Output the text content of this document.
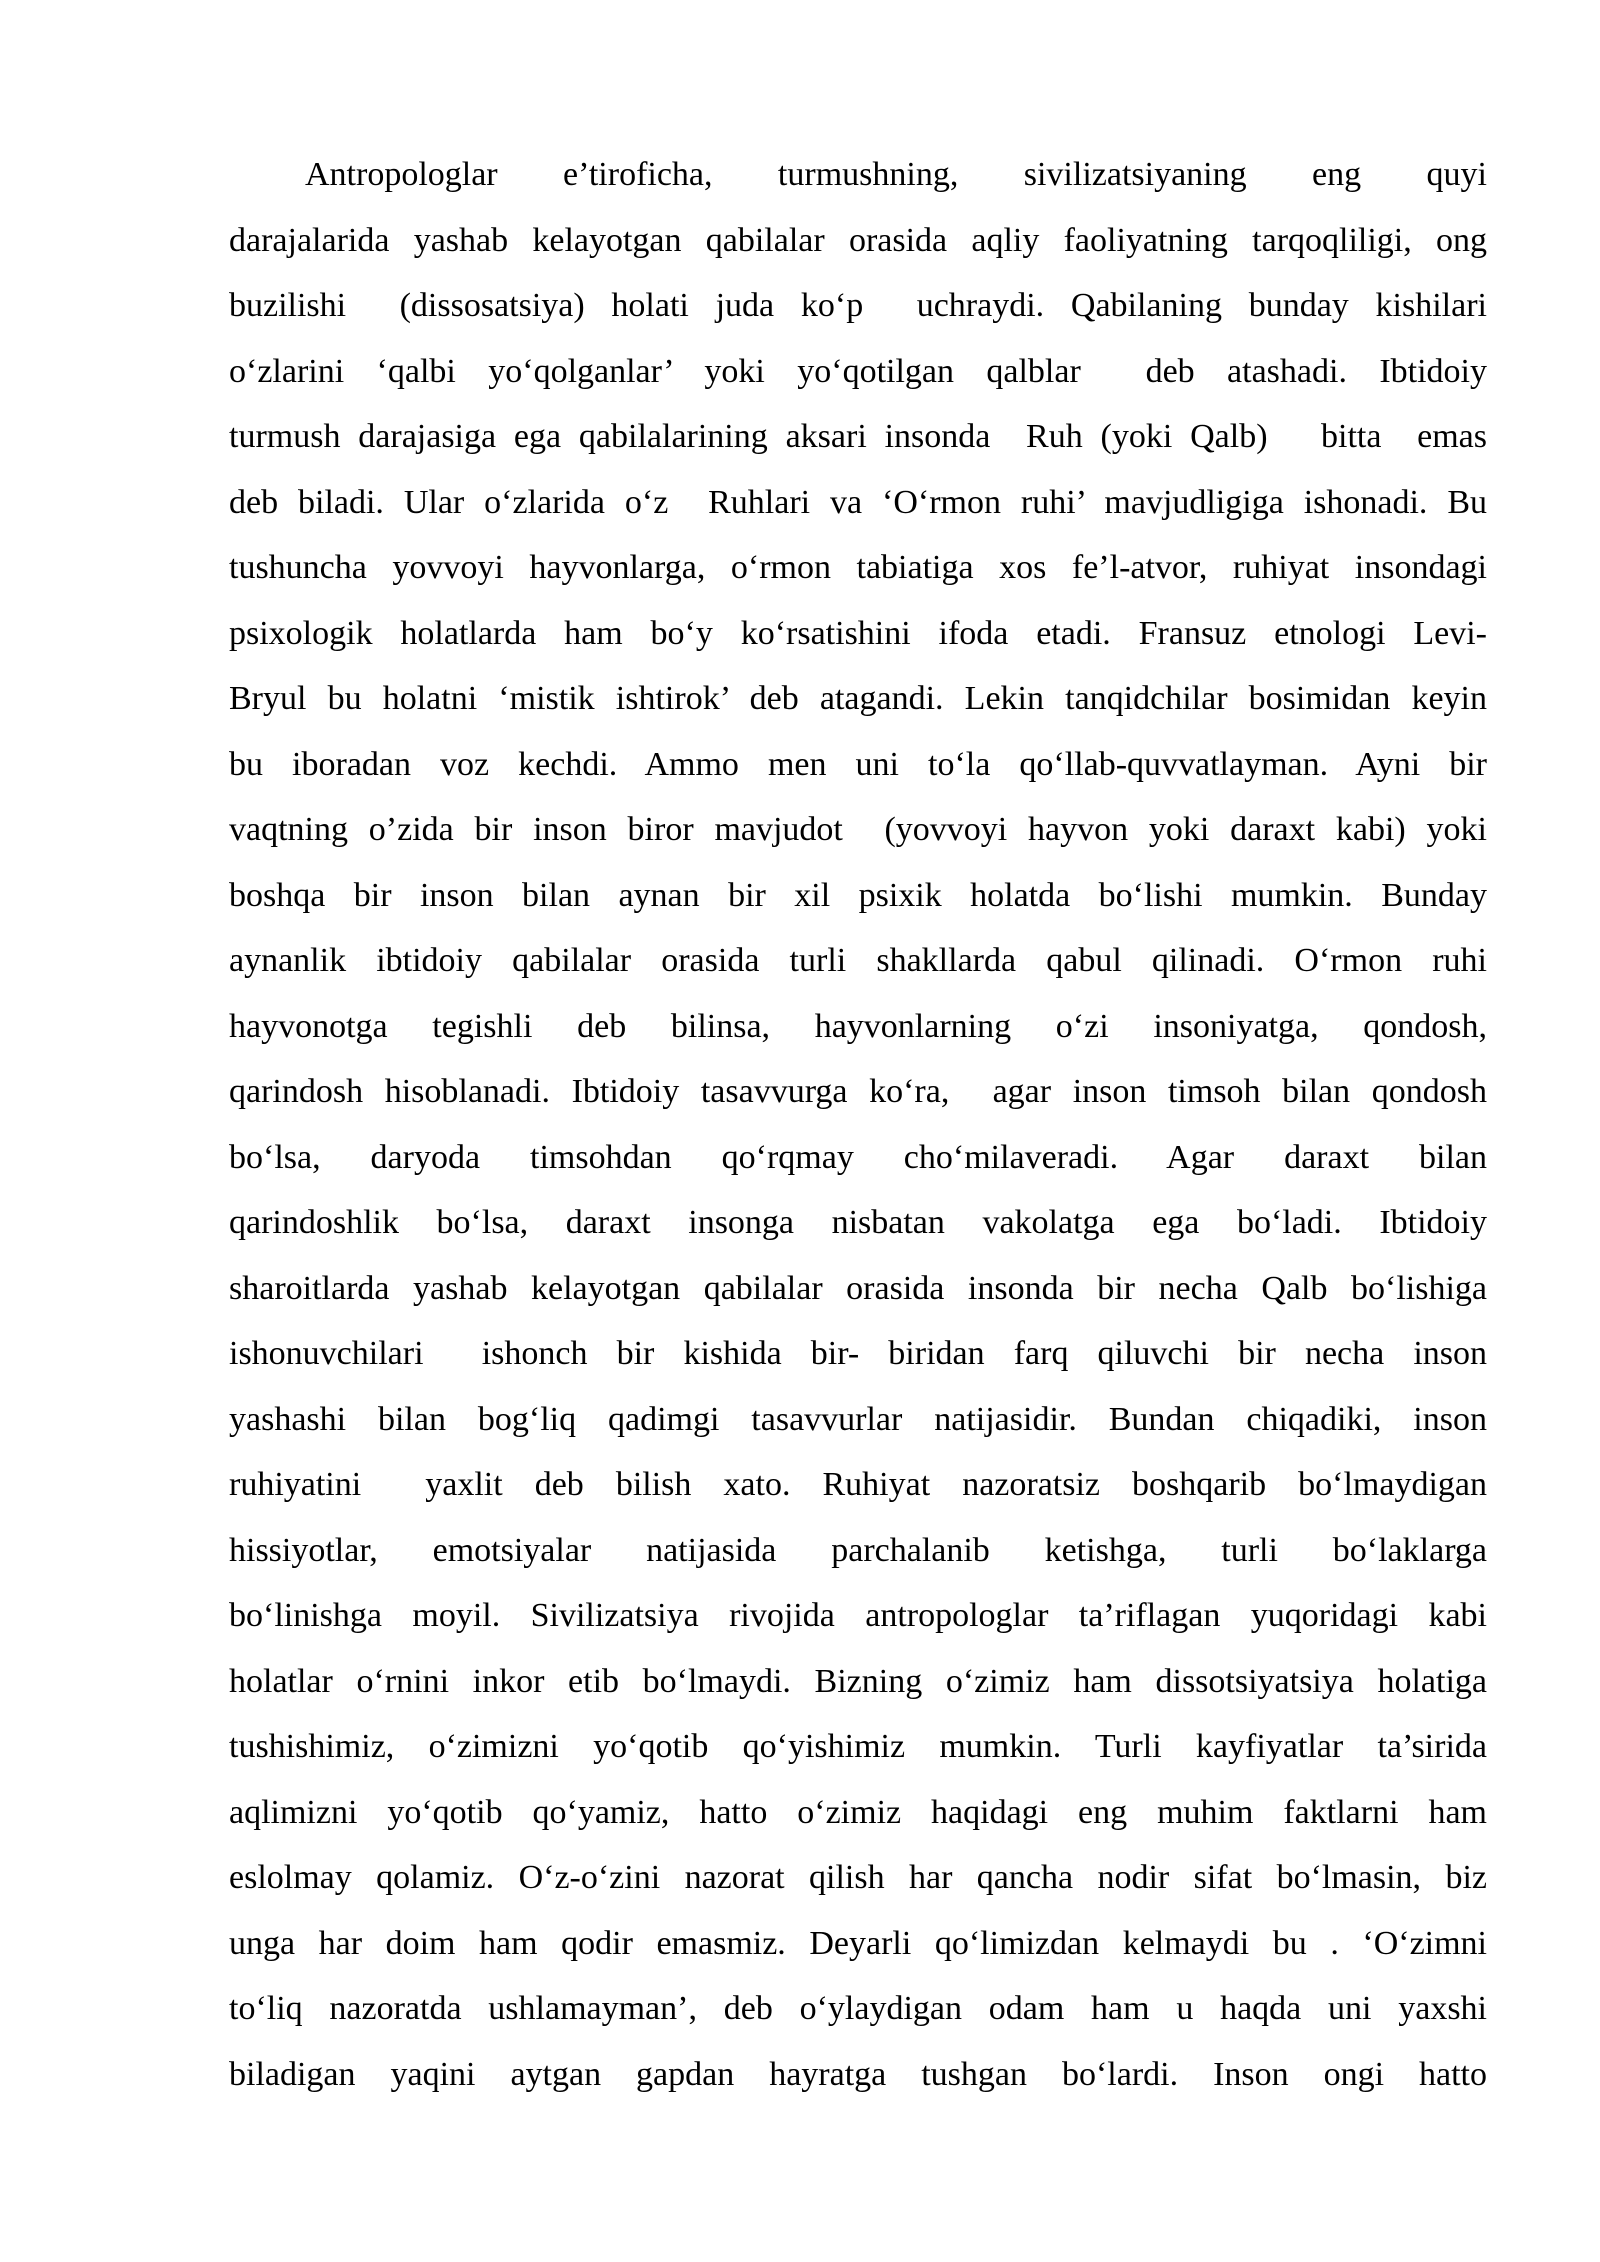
Antropologlar    e’tiroficha,    turmushning,    sivilizatsiyaning    eng    quyi
darajalarida yashab kelayotgan qabilalar orasida aqliy faoliyatning tarqoqliligi, ong
buzilishi  (dissosatsiya) holati juda ko‘p  uchraydi. Qabilaning bunday kishilari
o‘zlarini ‘qalbi yo‘qolganlar’ yoki yo‘qotilgan qalblar  deb atashadi. Ibtidoiy
turmush darajasiga ega qabilalarining aksari insonda  Ruh (yoki Qalb)   bitta  emas
deb biladi. Ular o‘zlarida o‘z  Ruhlari va ‘O‘rmon ruhi’ mavjudligiga ishonadi. Bu
tushuncha yovvoyi hayvonlarga, o‘rmon tabiatiga xos fe’l-atvor, ruhiyat insondagi
psixologik holatlarda ham bo‘y ko‘rsatishini ifoda etadi. Fransuz etnologi Levi-
Bryul bu holatni ‘mistik ishtirok’ deb atagandi. Lekin tanqidchilar bosimidan keyin
bu iboradan voz kechdi. Ammo men uni to‘la qo‘llab-quvvatlayman. Ayni bir
vaqtning o’zida bir inson biror mavjudot  (yovvoyi hayvon yoki daraxt kabi) yoki
boshqa bir inson bilan aynan bir xil psixik holatda bo‘lishi mumkin. Bunday
aynanlik ibtidoiy qabilalar orasida turli shakllarda qabul qilinadi. O‘rmon ruhi
hayvonotga  tegishli  deb  bilinsa,  hayvonlarning  o‘zi  insoniyatga,  qondosh,
qarindosh hisoblanadi. Ibtidoiy tasavvurga ko‘ra,  agar inson timsoh bilan qondosh
bo‘lsa,  daryoda  timsohdan  qo‘rqmay  cho‘milaveradi.  Agar  daraxt  bilan
qarindoshlik bo‘lsa, daraxt insonga nisbatan vakolatga ega bo‘ladi. Ibtidoiy
sharoitlarda yashab kelayotgan qabilalar orasida insonda bir necha Qalb bo‘lishiga
ishonuvchilari  ishonch bir kishida bir- biridan farq qiluvchi bir necha inson
yashashi bilan bog‘liq qadimgi tasavvurlar natijasidir. Bundan chiqadiki, inson
ruhiyatini  yaxlit deb bilish xato. Ruhiyat nazoratsiz boshqarib bo‘lmaydigan
hissiyotlar,  emotsiyalar  natijasida  parchalanib  ketishga,  turli  bo‘laklarga
bo‘linishga moyil. Sivilizatsiya rivojida antropologlar ta’riflagan yuqoridagi kabi
holatlar o‘rnini inkor etib bo‘lmaydi. Bizning o‘zimiz ham dissotsiyatsiya holatiga
tushishimiz, o‘zimizni yo‘qotib qo‘yishimiz mumkin. Turli kayfiyatlar ta’sirida
aqlimizni yo‘qotib qo‘yamiz, hatto o‘zimiz haqidagi eng muhim faktlarni ham
eslolmay qolamiz. O‘z-o‘zini nazorat qilish har qancha nodir sifat bo‘lmasin, biz
unga har doim ham qodir emasmiz. Deyarli qo‘limizdan kelmaydi bu . ‘O‘zimni
to‘liq nazoratda ushlamayman’, deb o‘ylaydigan odam ham u haqda uni yaxshi
biladigan yaqini aytgan gapdan hayratga tushgan bo‘lardi. Inson ongi hatto
